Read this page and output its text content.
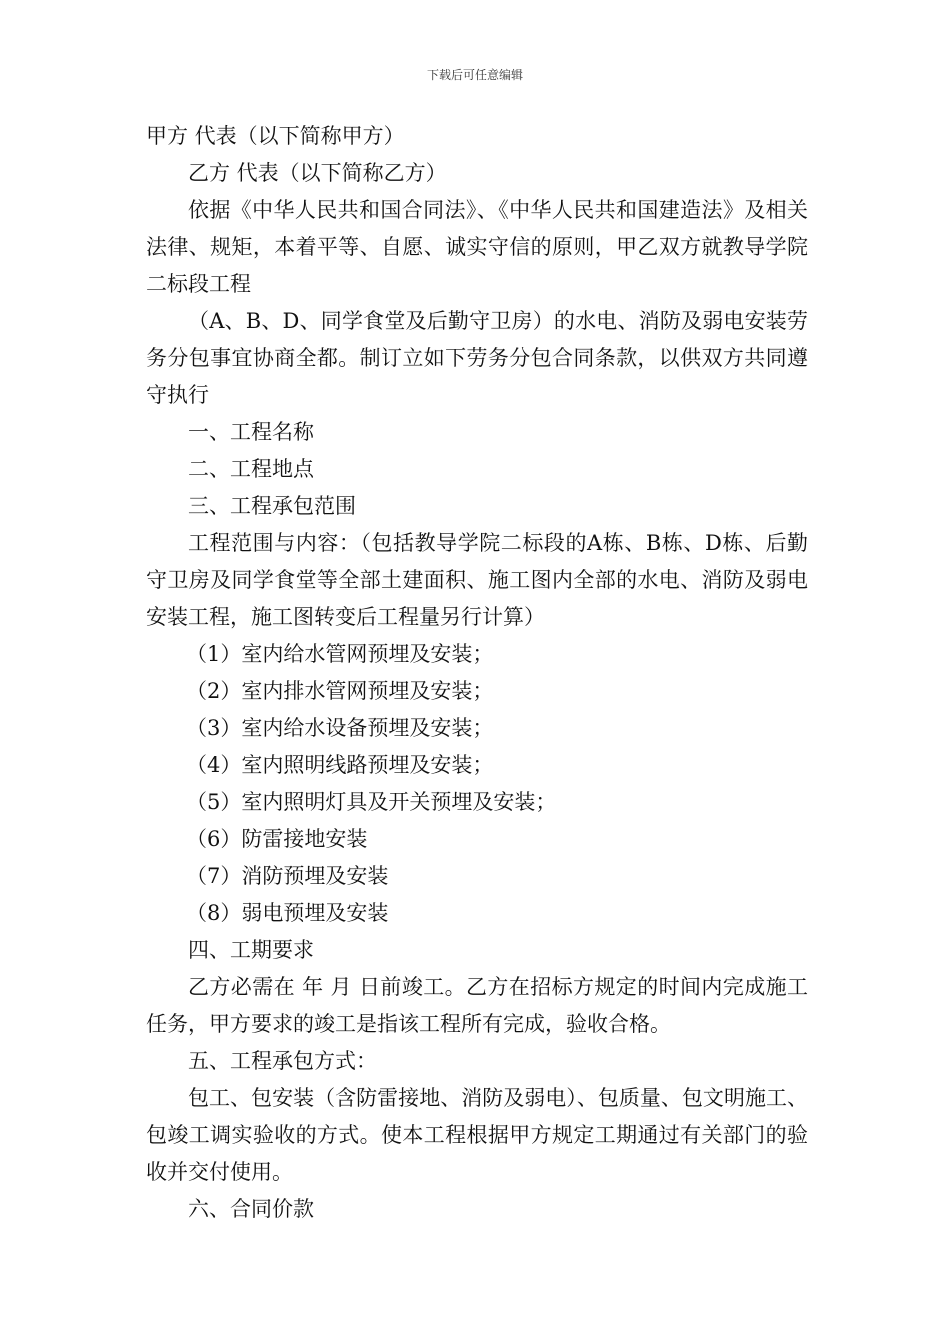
下载后可任意编辑

甲方 代表（以下简称甲方）

乙方 代表（以下简称乙方）

依据《中华人民共和国合同法》、《中华人民共和国建造法》及相关法律、规矩，本着平等、自愿、诚实守信的原则，甲乙双方就教导学院二标段工程

（A、B、D、同学食堂及后勤守卫房）的水电、消防及弱电安装劳务分包事宜协商全都。制订立如下劳务分包合同条款，以供双方共同遵守执行

一、工程名称

二、工程地点

三、工程承包范围

工程范围与内容：（包括教导学院二标段的A栋、B栋、D栋、后勤守卫房及同学食堂等全部土建面积、施工图内全部的水电、消防及弱电安装工程，施工图转变后工程量另行计算）

（1）室内给水管网预埋及安装；

（2）室内排水管网预埋及安装；

（3）室内给水设备预埋及安装；

（4）室内照明线路预埋及安装；

（5）室内照明灯具及开关预埋及安装；

（6）防雷接地安装

（7）消防预埋及安装

（8）弱电预埋及安装

四、工期要求

乙方必需在 年 月 日前竣工。乙方在招标方规定的时间内完成施工任务，甲方要求的竣工是指该工程所有完成，验收合格。

五、工程承包方式：

包工、包安装（含防雷接地、消防及弱电）、包质量、包文明施工、包竣工调实验收的方式。使本工程根据甲方规定工期通过有关部门的验收并交付使用。

六、合同价款
